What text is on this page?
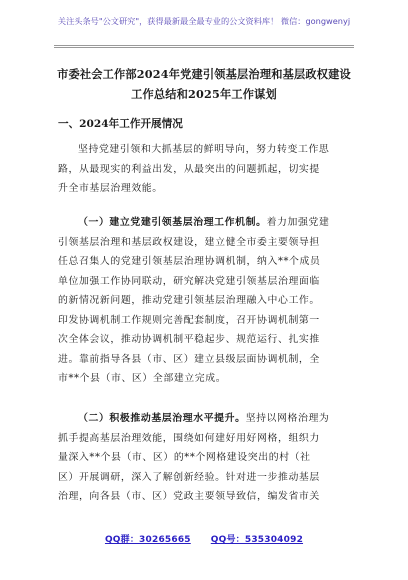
关注头条号"公文研究"，获得最新最全最专业的公文资料库！ 微信：gongwenyj
市委社会工作部2024年党建引领基层治理和基层政权建设
工作总结和2025年工作谋划
一、2024年工作开展情况
坚持党建引领和大抓基层的鲜明导向，努力转变工作思
路，从最现实的利益出发，从最突出的问题抓起，切实提
升全市基层治理效能。
（一）建立党建引领基层治理工作机制。着力加强党建
引领基层治理和基层政权建设，建立健全市委主要领导担
任总召集人的党建引领基层治理协调机制，纳入**个成员
单位加强工作协同联动，研究解决党建引领基层治理面临
的新情况新问题，推动党建引领基层治理融入中心工作。
印发协调机制工作规则完善配套制度，召开协调机制第一
次全体会议，推动协调机制平稳起步、规范运行、扎实推
进。靠前指导各县（市、区）建立县级层面协调机制，全
市**个县（市、区）全部建立完成。
（二）积极推动基层治理水平提升。坚持以网格治理为
抓手提高基层治理效能，围绕如何建好用好网格，组织力
量深入**个县（市、区）的**个网格建设突出的村（社
区）开展调研，深入了解创新经验。针对进一步推动基层
治理，向各县（市、区）党政主要领导致信，编发省市关
QQ群：30265665 QQ号：535304092
